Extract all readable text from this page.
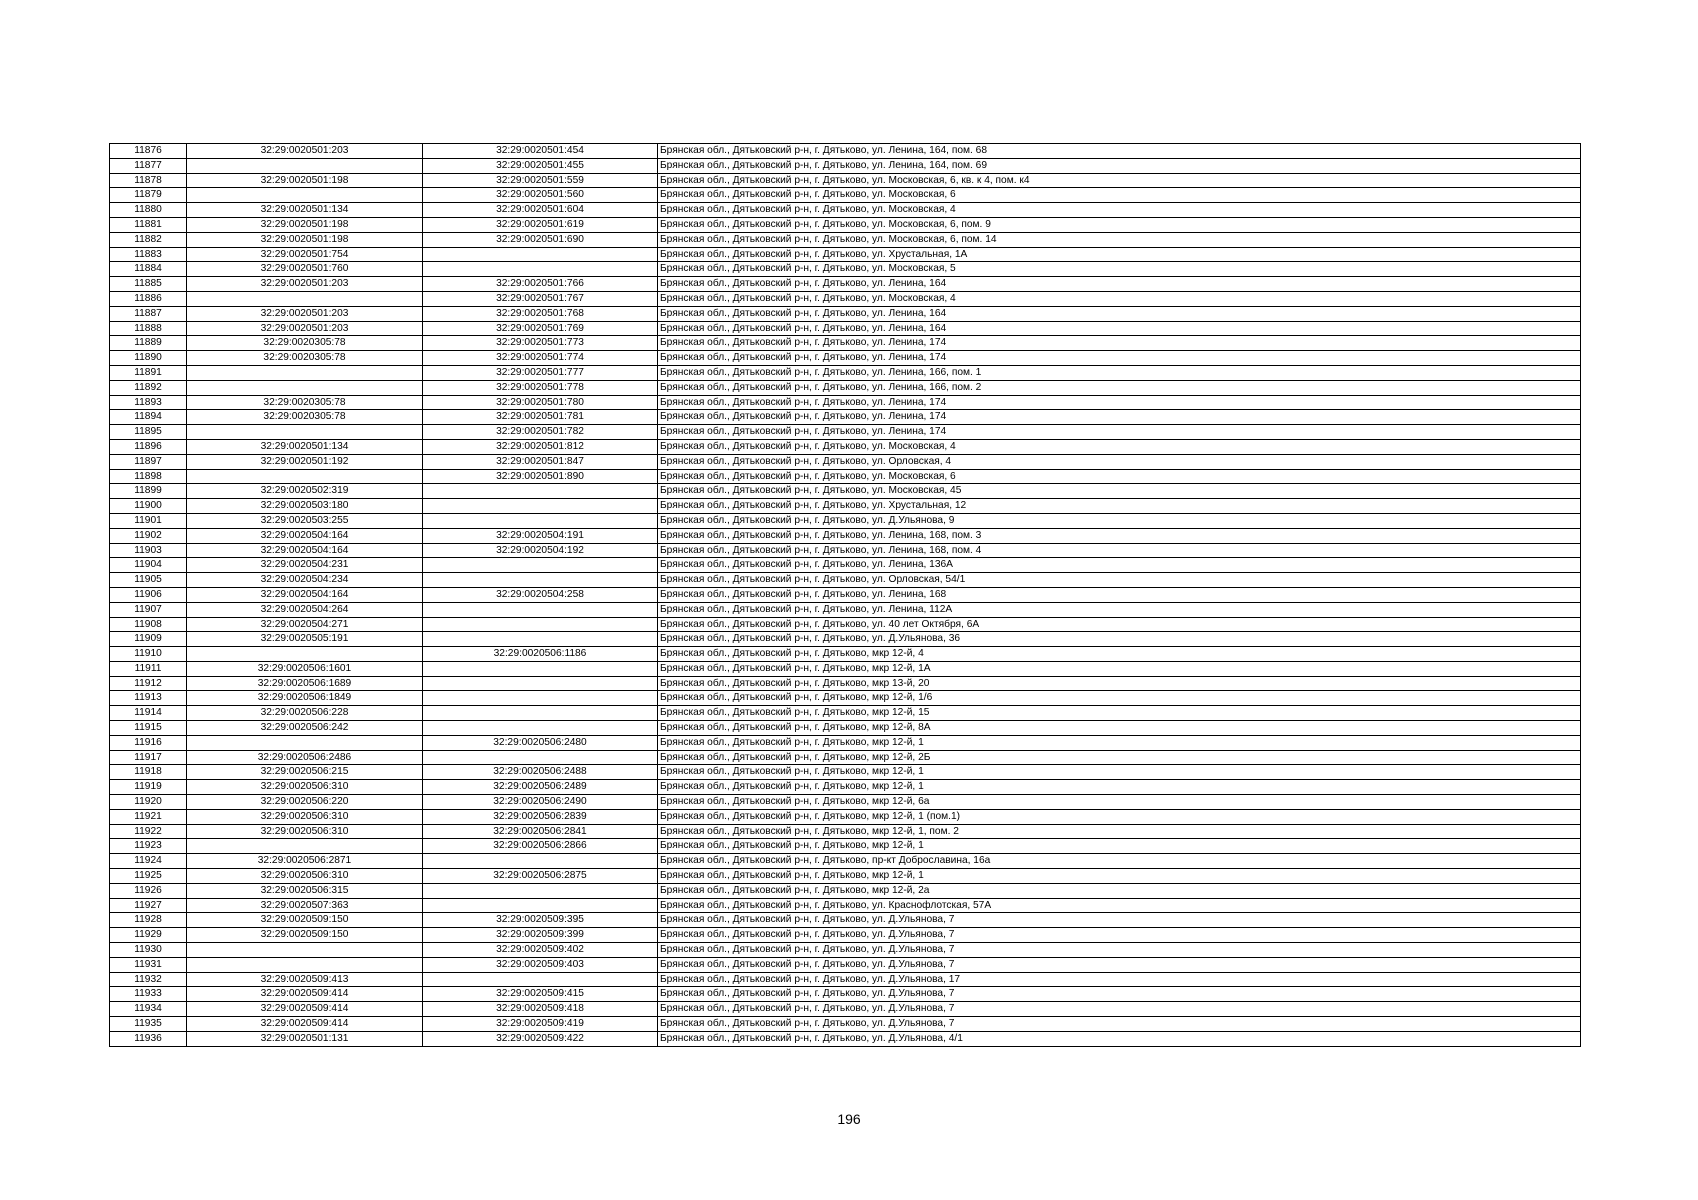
11876	32:29:0020501:203	32:29:0020501:454	Брянская обл., Дятьковский р-н, г. Дятьково, ул. Ленина, 164, пом. 68
11877		32:29:0020501:455	Брянская обл., Дятьковский р-н, г. Дятьково, ул. Ленина, 164, пом. 69
11878	32:29:0020501:198	32:29:0020501:559	Брянская обл., Дятьковский р-н, г. Дятьково, ул. Московская, 6, кв. к 4, пом. к4
11879		32:29:0020501:560	Брянская обл., Дятьковский р-н, г. Дятьково, ул. Московская, 6
11880	32:29:0020501:134	32:29:0020501:604	Брянская обл., Дятьковский р-н, г. Дятьково, ул. Московская, 4
11881	32:29:0020501:198	32:29:0020501:619	Брянская обл., Дятьковский р-н, г. Дятьково, ул. Московская, 6, пом. 9
11882	32:29:0020501:198	32:29:0020501:690	Брянская обл., Дятьковский р-н, г. Дятьково, ул. Московская, 6, пом. 14
11883	32:29:0020501:754		Брянская обл., Дятьковский р-н, г. Дятьково, ул. Хрустальная, 1А
11884	32:29:0020501:760		Брянская обл., Дятьковский р-н, г. Дятьково, ул. Московская, 5
11885	32:29:0020501:203	32:29:0020501:766	Брянская обл., Дятьковский р-н, г. Дятьково, ул. Ленина, 164
11886		32:29:0020501:767	Брянская обл., Дятьковский р-н, г. Дятьково, ул. Московская, 4
11887	32:29:0020501:203	32:29:0020501:768	Брянская обл., Дятьковский р-н, г. Дятьково, ул. Ленина, 164
11888	32:29:0020501:203	32:29:0020501:769	Брянская обл., Дятьковский р-н, г. Дятьково, ул. Ленина, 164
11889	32:29:0020305:78	32:29:0020501:773	Брянская обл., Дятьковский р-н, г. Дятьково, ул. Ленина, 174
11890	32:29:0020305:78	32:29:0020501:774	Брянская обл., Дятьковский р-н, г. Дятьково, ул. Ленина, 174
11891		32:29:0020501:777	Брянская обл., Дятьковский р-н, г. Дятьково, ул. Ленина, 166, пом. 1
11892		32:29:0020501:778	Брянская обл., Дятьковский р-н, г. Дятьково, ул. Ленина, 166, пом. 2
11893	32:29:0020305:78	32:29:0020501:780	Брянская обл., Дятьковский р-н, г. Дятьково, ул. Ленина, 174
11894	32:29:0020305:78	32:29:0020501:781	Брянская обл., Дятьковский р-н, г. Дятьково, ул. Ленина, 174
11895		32:29:0020501:782	Брянская обл., Дятьковский р-н, г. Дятьково, ул. Ленина, 174
11896	32:29:0020501:134	32:29:0020501:812	Брянская обл., Дятьковский р-н, г. Дятьково, ул. Московская, 4
11897	32:29:0020501:192	32:29:0020501:847	Брянская обл., Дятьковский р-н, г. Дятьково, ул. Орловская, 4
11898		32:29:0020501:890	Брянская обл., Дятьковский р-н, г. Дятьково, ул. Московская, 6
11899	32:29:0020502:319		Брянская обл., Дятьковский р-н, г. Дятьково, ул. Московская, 45
11900	32:29:0020503:180		Брянская обл., Дятьковский р-н, г. Дятьково, ул. Хрустальная, 12
11901	32:29:0020503:255		Брянская обл., Дятьковский р-н, г. Дятьково, ул. Д.Ульянова, 9
11902	32:29:0020504:164	32:29:0020504:191	Брянская обл., Дятьковский р-н, г. Дятьково, ул. Ленина, 168, пом. 3
11903	32:29:0020504:164	32:29:0020504:192	Брянская обл., Дятьковский р-н, г. Дятьково, ул. Ленина, 168, пом. 4
11904	32:29:0020504:231		Брянская обл., Дятьковский р-н, г. Дятьково, ул. Ленина, 136А
11905	32:29:0020504:234		Брянская обл., Дятьковский р-н, г. Дятьково, ул. Орловская, 54/1
11906	32:29:0020504:164	32:29:0020504:258	Брянская обл., Дятьковский р-н, г. Дятьково, ул. Ленина, 168
11907	32:29:0020504:264		Брянская обл., Дятьковский р-н, г. Дятьково, ул. Ленина, 112А
11908	32:29:0020504:271		Брянская обл., Дятьковский р-н, г. Дятьково, ул. 40 лет Октября, 6А
11909	32:29:0020505:191		Брянская обл., Дятьковский р-н, г. Дятьково, ул. Д.Ульянова, 36
11910		32:29:0020506:1186	Брянская обл., Дятьковский р-н, г. Дятьково, мкр 12-й, 4
11911	32:29:0020506:1601		Брянская обл., Дятьковский р-н, г. Дятьково, мкр 12-й, 1А
11912	32:29:0020506:1689		Брянская обл., Дятьковский р-н, г. Дятьково, мкр 13-й, 20
11913	32:29:0020506:1849		Брянская обл., Дятьковский р-н, г. Дятьково, мкр 12-й, 1/6
11914	32:29:0020506:228		Брянская обл., Дятьковский р-н, г. Дятьково, мкр 12-й, 15
11915	32:29:0020506:242		Брянская обл., Дятьковский р-н, г. Дятьково, мкр 12-й, 8А
11916		32:29:0020506:2480	Брянская обл., Дятьковский р-н, г. Дятьково, мкр 12-й, 1
11917	32:29:0020506:2486		Брянская обл., Дятьковский р-н, г. Дятьково, мкр 12-й, 2Б
11918	32:29:0020506:215	32:29:0020506:2488	Брянская обл., Дятьковский р-н, г. Дятьково, мкр 12-й, 1
11919	32:29:0020506:310	32:29:0020506:2489	Брянская обл., Дятьковский р-н, г. Дятьково, мкр 12-й, 1
11920	32:29:0020506:220	32:29:0020506:2490	Брянская обл., Дятьковский р-н, г. Дятьково, мкр 12-й, 6а
11921	32:29:0020506:310	32:29:0020506:2839	Брянская обл., Дятьковский р-н, г. Дятьково, мкр 12-й, 1 (пом.1)
11922	32:29:0020506:310	32:29:0020506:2841	Брянская обл., Дятьковский р-н, г. Дятьково, мкр 12-й, 1, пом. 2
11923		32:29:0020506:2866	Брянская обл., Дятьковский р-н, г. Дятьково, мкр 12-й, 1
11924	32:29:0020506:2871		Брянская обл., Дятьковский р-н, г. Дятьково, пр-кт Доброславина, 16а
11925	32:29:0020506:310	32:29:0020506:2875	Брянская обл., Дятьковский р-н, г. Дятьково, мкр 12-й, 1
11926	32:29:0020506:315		Брянская обл., Дятьковский р-н, г. Дятьково, мкр 12-й, 2а
11927	32:29:0020507:363		Брянская обл., Дятьковский р-н, г. Дятьково, ул. Краснофлотская, 57А
11928	32:29:0020509:150	32:29:0020509:395	Брянская обл., Дятьковский р-н, г. Дятьково, ул. Д.Ульянова, 7
11929	32:29:0020509:150	32:29:0020509:399	Брянская обл., Дятьковский р-н, г. Дятьково, ул. Д.Ульянова, 7
11930		32:29:0020509:402	Брянская обл., Дятьковский р-н, г. Дятьково, ул. Д.Ульянова, 7
11931		32:29:0020509:403	Брянская обл., Дятьковский р-н, г. Дятьково, ул. Д.Ульянова, 7
11932	32:29:0020509:413		Брянская обл., Дятьковский р-н, г. Дятьково, ул. Д.Ульянова, 17
11933	32:29:0020509:414	32:29:0020509:415	Брянская обл., Дятьковский р-н, г. Дятьково, ул. Д.Ульянова, 7
11934	32:29:0020509:414	32:29:0020509:418	Брянская обл., Дятьковский р-н, г. Дятьково, ул. Д.Ульянова, 7
11935	32:29:0020509:414	32:29:0020509:419	Брянская обл., Дятьковский р-н, г. Дятьково, ул. Д.Ульянова, 7
11936	32:29:0020501:131	32:29:0020509:422	Брянская обл., Дятьковский р-н, г. Дятьково, ул. Д.Ульянова, 4/1
196
